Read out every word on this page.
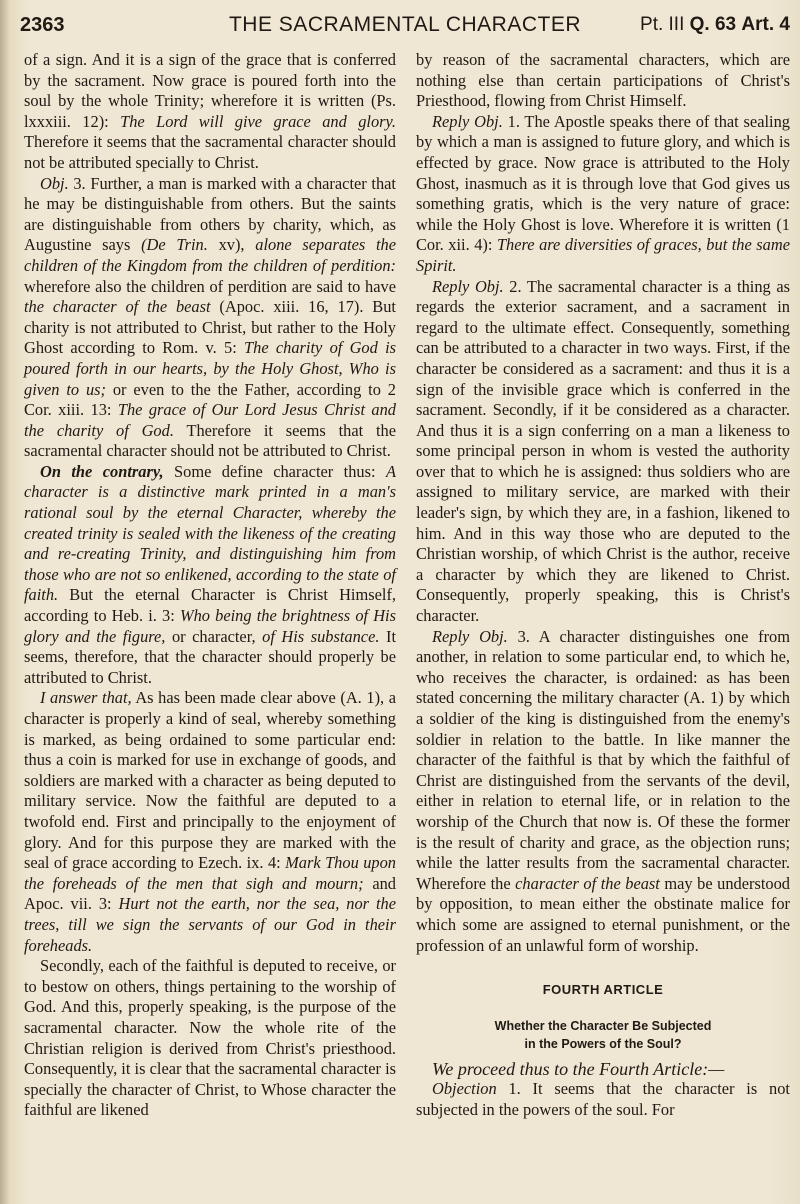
2363	THE SACRAMENTAL CHARACTER	Pt. III Q. 63 Art. 4

of a sign. And it is a sign of the grace that is conferred by the sacrament. Now grace is poured forth into the soul by the whole Trinity; wherefore it is written (Ps. lxxxiii. 12): The Lord will give grace and glory. Therefore it seems that the sacramental character should not be attributed specially to Christ.

Obj. 3. Further, a man is marked with a character that he may be distinguishable from others. But the saints are distinguishable from others by charity, which, as Augustine says (De Trin. xv), alone separates the children of the Kingdom from the children of perdition: wherefore also the children of perdition are said to have the character of the beast (Apoc. xiii. 16, 17). But charity is not attributed to Christ, but rather to the Holy Ghost according to Rom. v. 5: The charity of God is poured forth in our hearts, by the Holy Ghost, Who is given to us; or even to the the Father, according to 2 Cor. xiii. 13: The grace of Our Lord Jesus Christ and the charity of God. Therefore it seems that the sacramental character should not be attributed to Christ.

On the contrary, Some define character thus: A character is a distinctive mark printed in a man's rational soul by the eternal Character, whereby the created trinity is sealed with the likeness of the creating and re-creating Trinity, and distinguishing him from those who are not so enlikened, according to the state of faith. But the eternal Character is Christ Himself, according to Heb. i. 3: Who being the brightness of His glory and the figure, or character, of His substance. It seems, therefore, that the character should properly be attributed to Christ.

I answer that, As has been made clear above (A. 1), a character is properly a kind of seal, whereby something is marked, as being ordained to some particular end: thus a coin is marked for use in exchange of goods, and soldiers are marked with a character as being deputed to military service. Now the faithful are deputed to a twofold end. First and principally to the enjoyment of glory. And for this purpose they are marked with the seal of grace according to Ezech. ix. 4: Mark Thou upon the foreheads of the men that sigh and mourn; and Apoc. vii. 3: Hurt not the earth, nor the sea, nor the trees, till we sign the servants of our God in their foreheads.

Secondly, each of the faithful is deputed to receive, or to bestow on others, things pertaining to the worship of God. And this, properly speaking, is the purpose of the sacramental character. Now the whole rite of the Christian religion is derived from Christ's priesthood. Consequently, it is clear that the sacramental character is specially the character of Christ, to Whose character the faithful are likened

by reason of the sacramental characters, which are nothing else than certain participations of Christ's Priesthood, flowing from Christ Himself.

Reply Obj. 1. The Apostle speaks there of that sealing by which a man is assigned to future glory, and which is effected by grace. Now grace is attributed to the Holy Ghost, inasmuch as it is through love that God gives us something gratis, which is the very nature of grace: while the Holy Ghost is love. Wherefore it is written (1 Cor. xii. 4): There are diversities of graces, but the same Spirit.

Reply Obj. 2. The sacramental character is a thing as regards the exterior sacrament, and a sacrament in regard to the ultimate effect. Consequently, something can be attributed to a character in two ways. First, if the character be considered as a sacrament: and thus it is a sign of the invisible grace which is conferred in the sacrament. Secondly, if it be considered as a character. And thus it is a sign conferring on a man a likeness to some principal person in whom is vested the authority over that to which he is assigned: thus soldiers who are assigned to military service, are marked with their leader's sign, by which they are, in a fashion, likened to him. And in this way those who are deputed to the Christian worship, of which Christ is the author, receive a character by which they are likened to Christ. Consequently, properly speaking, this is Christ's character.

Reply Obj. 3. A character distinguishes one from another, in relation to some particular end, to which he, who receives the character, is ordained: as has been stated concerning the military character (A. 1) by which a soldier of the king is distinguished from the enemy's soldier in relation to the battle. In like manner the character of the faithful is that by which the faithful of Christ are distinguished from the servants of the devil, either in relation to eternal life, or in relation to the worship of the Church that now is. Of these the former is the result of charity and grace, as the objection runs; while the latter results from the sacramental character. Wherefore the character of the beast may be understood by opposition, to mean either the obstinate malice for which some are assigned to eternal punishment, or the profession of an unlawful form of worship.

FOURTH ARTICLE
Whether the Character Be Subjected
in the Powers of the Soul?

We proceed thus to the Fourth Article:—

Objection 1. It seems that the character is not subjected in the powers of the soul. For
